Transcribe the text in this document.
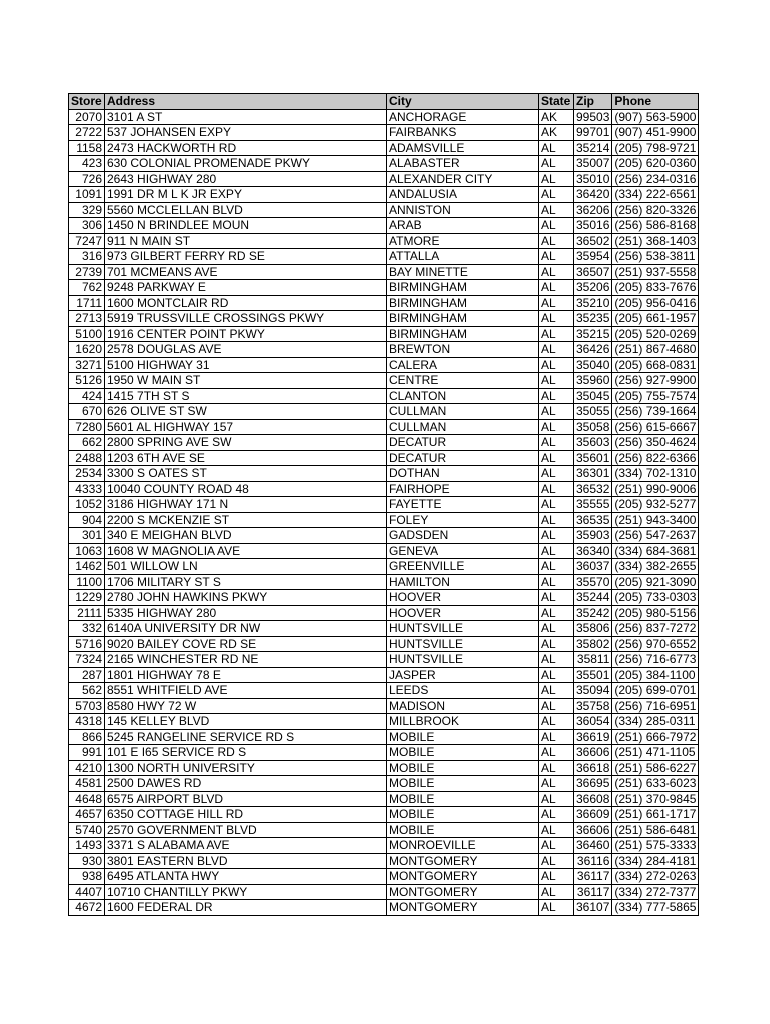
Store	Address	City	State	Zip	Phone
2070	3101 A ST	ANCHORAGE	AK	99503	(907) 563-5900
2722	537 JOHANSEN EXPY	FAIRBANKS	AK	99701	(907) 451-9900
1158	2473 HACKWORTH RD	ADAMSVILLE	AL	35214	(205) 798-9721
423	630 COLONIAL PROMENADE PKWY	ALABASTER	AL	35007	(205) 620-0360
726	2643 HIGHWAY 280	ALEXANDER CITY	AL	35010	(256) 234-0316
1091	1991 DR M L K JR EXPY	ANDALUSIA	AL	36420	(334) 222-6561
329	5560 MCCLELLAN BLVD	ANNISTON	AL	36206	(256) 820-3326
306	1450 N BRINDLEE MOUN	ARAB	AL	35016	(256) 586-8168
7247	911 N MAIN ST	ATMORE	AL	36502	(251) 368-1403
316	973 GILBERT FERRY RD SE	ATTALLA	AL	35954	(256) 538-3811
2739	701 MCMEANS AVE	BAY MINETTE	AL	36507	(251) 937-5558
762	9248 PARKWAY E	BIRMINGHAM	AL	35206	(205) 833-7676
1711	1600 MONTCLAIR RD	BIRMINGHAM	AL	35210	(205) 956-0416
2713	5919 TRUSSVILLE CROSSINGS PKWY	BIRMINGHAM	AL	35235	(205) 661-1957
5100	1916 CENTER POINT PKWY	BIRMINGHAM	AL	35215	(205) 520-0269
1620	2578 DOUGLAS AVE	BREWTON	AL	36426	(251) 867-4680
3271	5100 HIGHWAY 31	CALERA	AL	35040	(205) 668-0831
5126	1950 W MAIN ST	CENTRE	AL	35960	(256) 927-9900
424	1415 7TH ST S	CLANTON	AL	35045	(205) 755-7574
670	626 OLIVE ST SW	CULLMAN	AL	35055	(256) 739-1664
7280	5601 AL HIGHWAY 157	CULLMAN	AL	35058	(256) 615-6667
662	2800 SPRING AVE SW	DECATUR	AL	35603	(256) 350-4624
2488	1203 6TH AVE SE	DECATUR	AL	35601	(256) 822-6366
2534	3300 S OATES ST	DOTHAN	AL	36301	(334) 702-1310
4333	10040 COUNTY ROAD 48	FAIRHOPE	AL	36532	(251) 990-9006
1052	3186 HIGHWAY 171 N	FAYETTE	AL	35555	(205) 932-5277
904	2200 S MCKENZIE ST	FOLEY	AL	36535	(251) 943-3400
301	340 E MEIGHAN BLVD	GADSDEN	AL	35903	(256) 547-2637
1063	1608 W MAGNOLIA AVE	GENEVA	AL	36340	(334) 684-3681
1462	501 WILLOW LN	GREENVILLE	AL	36037	(334) 382-2655
1100	1706 MILITARY ST S	HAMILTON	AL	35570	(205) 921-3090
1229	2780 JOHN HAWKINS PKWY	HOOVER	AL	35244	(205) 733-0303
2111	5335 HIGHWAY 280	HOOVER	AL	35242	(205) 980-5156
332	6140A UNIVERSITY DR NW	HUNTSVILLE	AL	35806	(256) 837-7272
5716	9020 BAILEY COVE RD SE	HUNTSVILLE	AL	35802	(256) 970-6552
7324	2165 WINCHESTER RD NE	HUNTSVILLE	AL	35811	(256) 716-6773
287	1801 HIGHWAY 78 E	JASPER	AL	35501	(205) 384-1100
562	8551 WHITFIELD AVE	LEEDS	AL	35094	(205) 699-0701
5703	8580 HWY 72 W	MADISON	AL	35758	(256) 716-6951
4318	145 KELLEY BLVD	MILLBROOK	AL	36054	(334) 285-0311
866	5245 RANGELINE SERVICE RD S	MOBILE	AL	36619	(251) 666-7972
991	101 E I65 SERVICE RD S	MOBILE	AL	36606	(251) 471-1105
4210	1300 NORTH UNIVERSITY	MOBILE	AL	36618	(251) 586-6227
4581	2500 DAWES RD	MOBILE	AL	36695	(251) 633-6023
4648	6575 AIRPORT BLVD	MOBILE	AL	36608	(251) 370-9845
4657	6350 COTTAGE HILL RD	MOBILE	AL	36609	(251) 661-1717
5740	2570 GOVERNMENT BLVD	MOBILE	AL	36606	(251) 586-6481
1493	3371 S ALABAMA AVE	MONROEVILLE	AL	36460	(251) 575-3333
930	3801 EASTERN BLVD	MONTGOMERY	AL	36116	(334) 284-4181
938	6495 ATLANTA HWY	MONTGOMERY	AL	36117	(334) 272-0263
4407	10710 CHANTILLY PKWY	MONTGOMERY	AL	36117	(334) 272-7377
4672	1600 FEDERAL DR	MONTGOMERY	AL	36107	(334) 777-5865
